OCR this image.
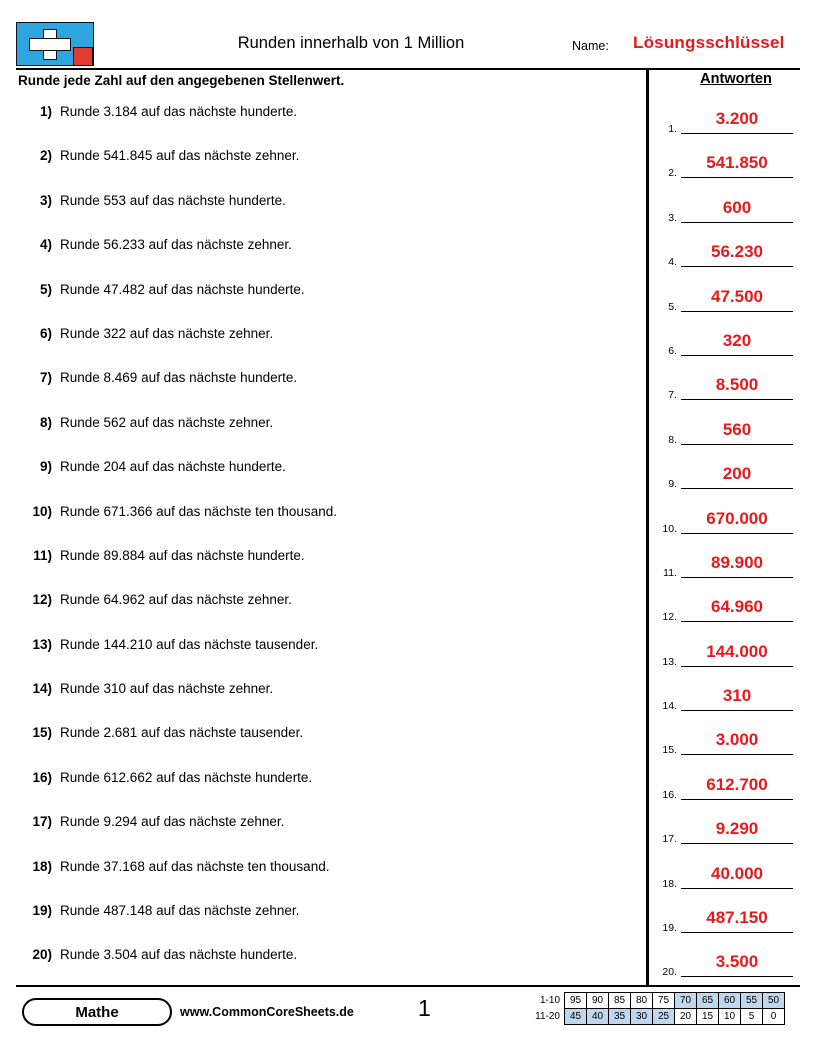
Runden innerhalb von 1 Million	Name: Lösungsschlüssel
Runde jede Zahl auf den angegebenen Stellenwert.
1) Runde 3.184 auf das nächste hunderte.
2) Runde 541.845 auf das nächste zehner.
3) Runde 553 auf das nächste hunderte.
4) Runde 56.233 auf das nächste zehner.
5) Runde 47.482 auf das nächste hunderte.
6) Runde 322 auf das nächste zehner.
7) Runde 8.469 auf das nächste hunderte.
8) Runde 562 auf das nächste zehner.
9) Runde 204 auf das nächste hunderte.
10) Runde 671.366 auf das nächste ten thousand.
11) Runde 89.884 auf das nächste hunderte.
12) Runde 64.962 auf das nächste zehner.
13) Runde 144.210 auf das nächste tausender.
14) Runde 310 auf das nächste zehner.
15) Runde 2.681 auf das nächste tausender.
16) Runde 612.662 auf das nächste hunderte.
17) Runde 9.294 auf das nächste zehner.
18) Runde 37.168 auf das nächste ten thousand.
19) Runde 487.148 auf das nächste zehner.
20) Runde 3.504 auf das nächste hunderte.
Antworten
1.
3.200
2.
541.850
3.
600
4.
56.230
5.
47.500
6.
320
7.
8.500
8.
560
9.
200
10.
670.000
11.
89.900
12.
64.960
13.
144.000
14.
310
15.
3.000
16.
612.700
17.
9.290
18.
40.000
19.
487.150
20.
3.500
Mathe	www.CommonCoreSheets.de	1	1-10	95	90	85	80	75	70	65	60	55	50
11-20	45	40	35	30	25	20	15	10	5	0
